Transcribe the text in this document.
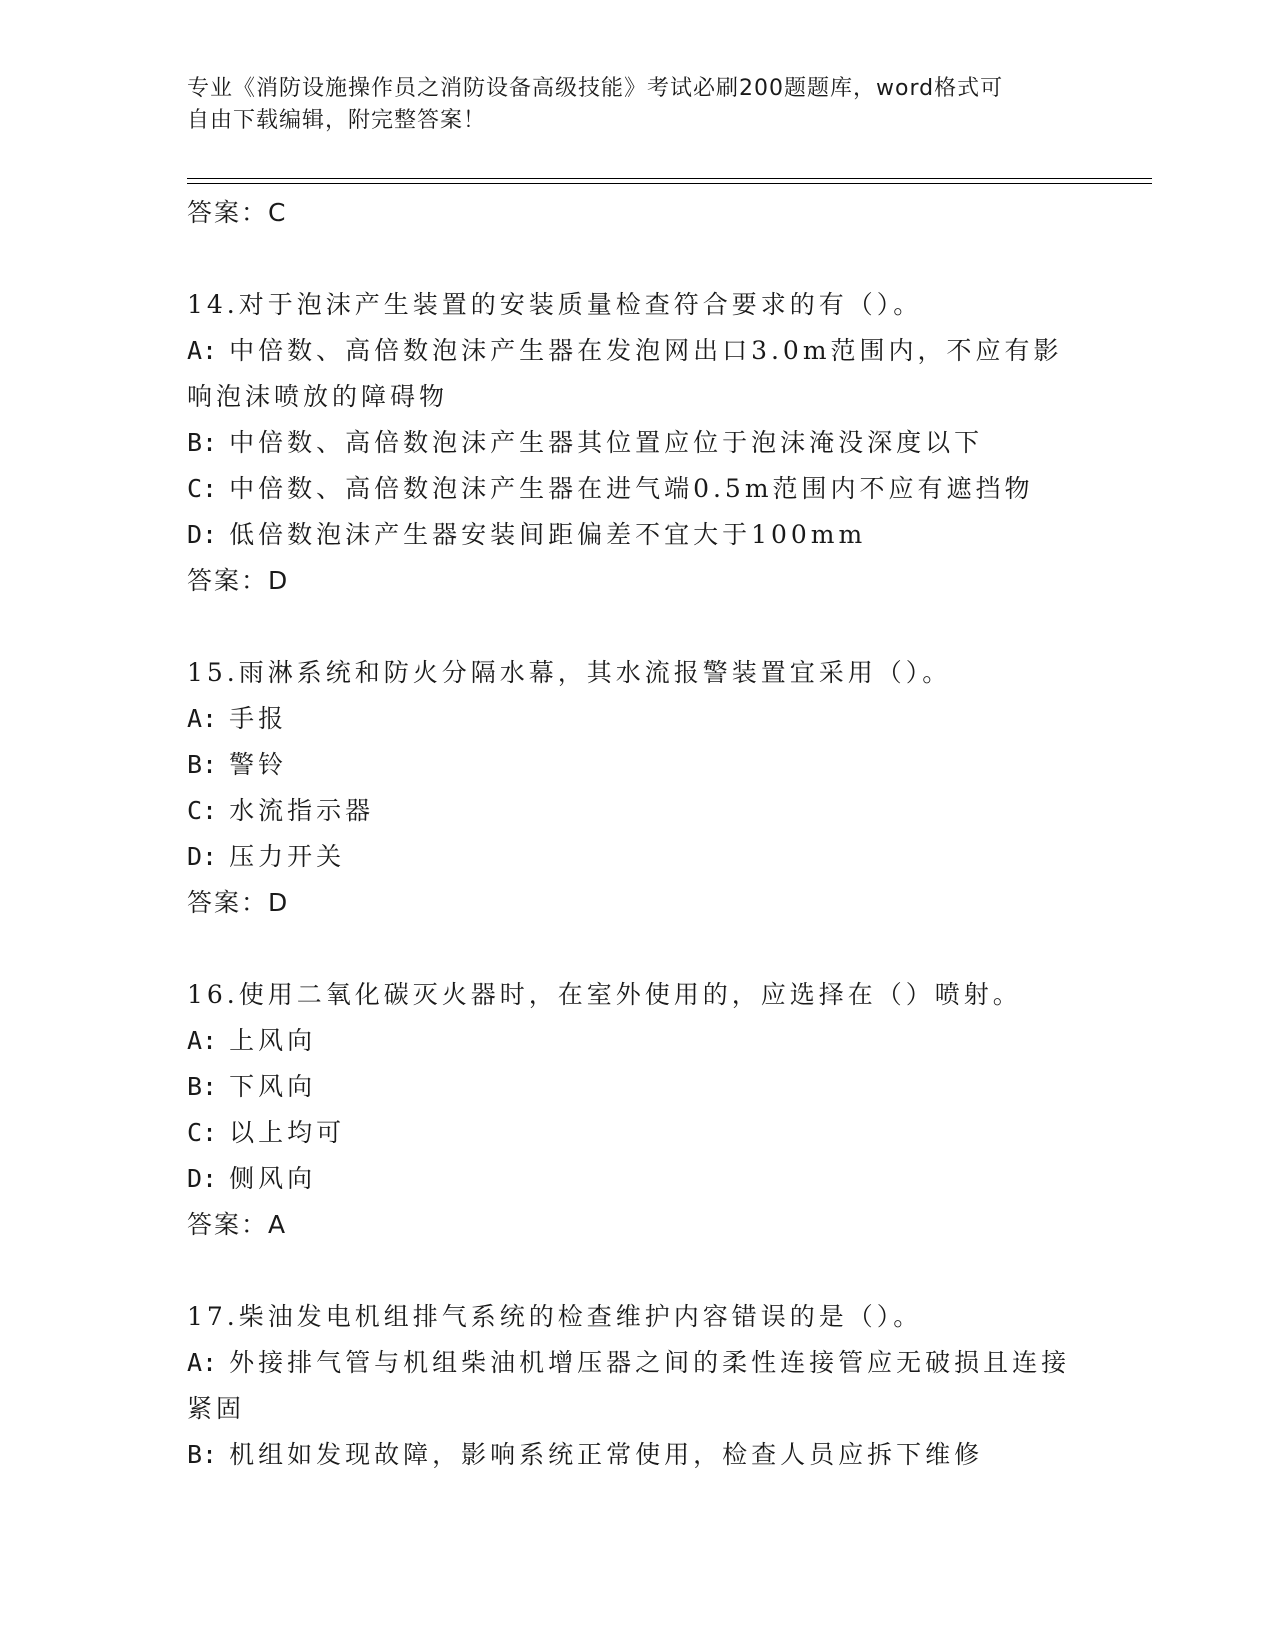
专业《消防设施操作员之消防设备高级技能》考试必刷200题题库，word格式可
自由下载编辑，附完整答案！
答案：C
14.对于泡沫产生装置的安装质量检查符合要求的有（）。
A: 中倍数、高倍数泡沫产生器在发泡网出口3.0m范围内，不应有影
响泡沫喷放的障碍物
B: 中倍数、高倍数泡沫产生器其位置应位于泡沫淹没深度以下
C: 中倍数、高倍数泡沫产生器在进气端0.5m范围内不应有遮挡物
D: 低倍数泡沫产生器安装间距偏差不宜大于100mm
答案：D
15.雨淋系统和防火分隔水幕，其水流报警装置宜采用（）。
A: 手报
B: 警铃
C: 水流指示器
D: 压力开关
答案：D
16.使用二氧化碳灭火器时，在室外使用的，应选择在（）喷射。
A: 上风向
B: 下风向
C: 以上均可
D: 侧风向
答案：A
17.柴油发电机组排气系统的检查维护内容错误的是（）。
A: 外接排气管与机组柴油机增压器之间的柔性连接管应无破损且连接
紧固
B: 机组如发现故障，影响系统正常使用，检查人员应拆下维修
